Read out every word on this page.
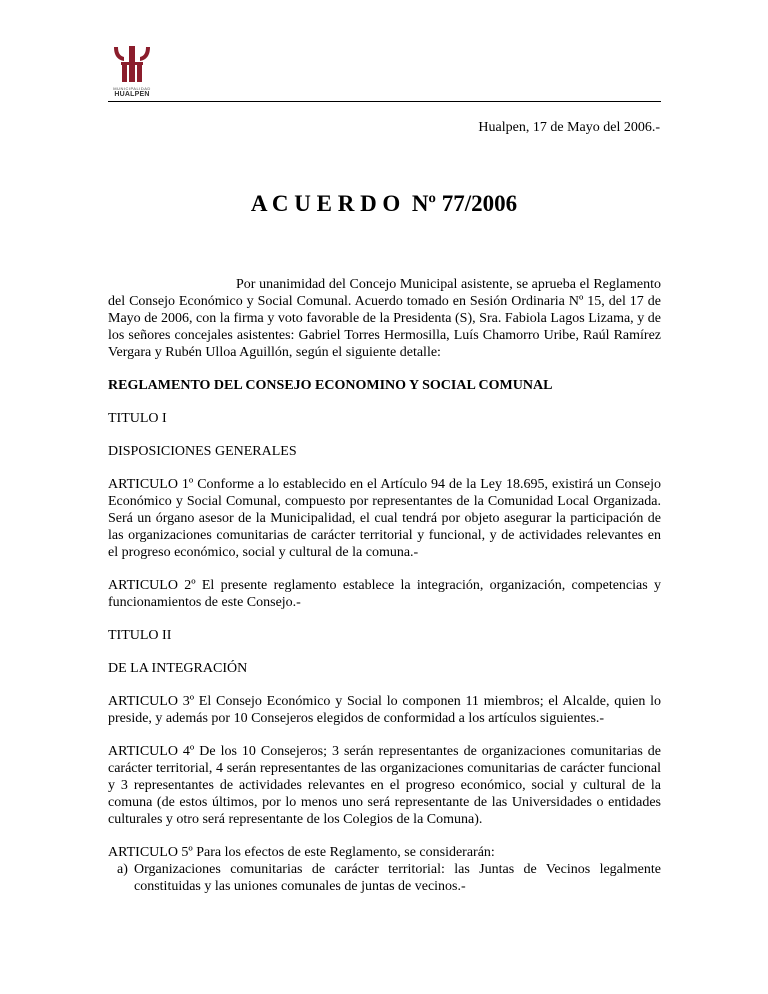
MUNICIPALIDAD
HUALPEN
Hualpen, 17 de Mayo del 2006.-
A C U E R D O  Nº 77/2006

Por unanimidad del Concejo Municipal asistente, se aprueba el Reglamento del Consejo Económico y Social Comunal. Acuerdo tomado en Sesión Ordinaria Nº 15, del 17 de Mayo de 2006, con la firma y voto favorable de la Presidenta (S), Sra. Fabiola Lagos Lizama, y de los señores concejales asistentes: Gabriel Torres Hermosilla, Luís Chamorro Uribe, Raúl Ramírez Vergara y Rubén Ulloa Aguillón, según el siguiente detalle:

REGLAMENTO DEL CONSEJO ECONOMINO Y SOCIAL COMUNAL

TITULO I

DISPOSICIONES GENERALES

ARTICULO 1º Conforme a lo establecido en el Artículo 94 de la Ley 18.695, existirá un Consejo Económico y Social Comunal, compuesto por representantes de la Comunidad Local Organizada. Será un órgano asesor de la Municipalidad, el cual tendrá por objeto asegurar la participación de las organizaciones comunitarias de carácter territorial y funcional, y de actividades relevantes en el progreso económico, social y cultural de la comuna.-

ARTICULO 2º El presente reglamento establece la integración, organización, competencias y funcionamientos de este Consejo.-

TITULO II

DE LA INTEGRACIÓN

ARTICULO 3º El Consejo Económico y Social lo componen 11 miembros; el Alcalde, quien lo preside, y además por 10 Consejeros elegidos de conformidad a los artículos siguientes.-

ARTICULO 4º De los 10 Consejeros; 3 serán representantes de organizaciones comunitarias de carácter territorial, 4 serán representantes de las organizaciones comunitarias de carácter funcional y 3 representantes de actividades relevantes en el progreso económico, social y cultural de la comuna (de estos últimos, por lo menos uno será representante de las Universidades o entidades culturales y otro será representante de los Colegios de la Comuna).

ARTICULO 5º Para los efectos de este Reglamento, se considerarán:

a) Organizaciones comunitarias de carácter territorial: las Juntas de Vecinos legalmente constituidas y las uniones comunales de juntas de vecinos.-
